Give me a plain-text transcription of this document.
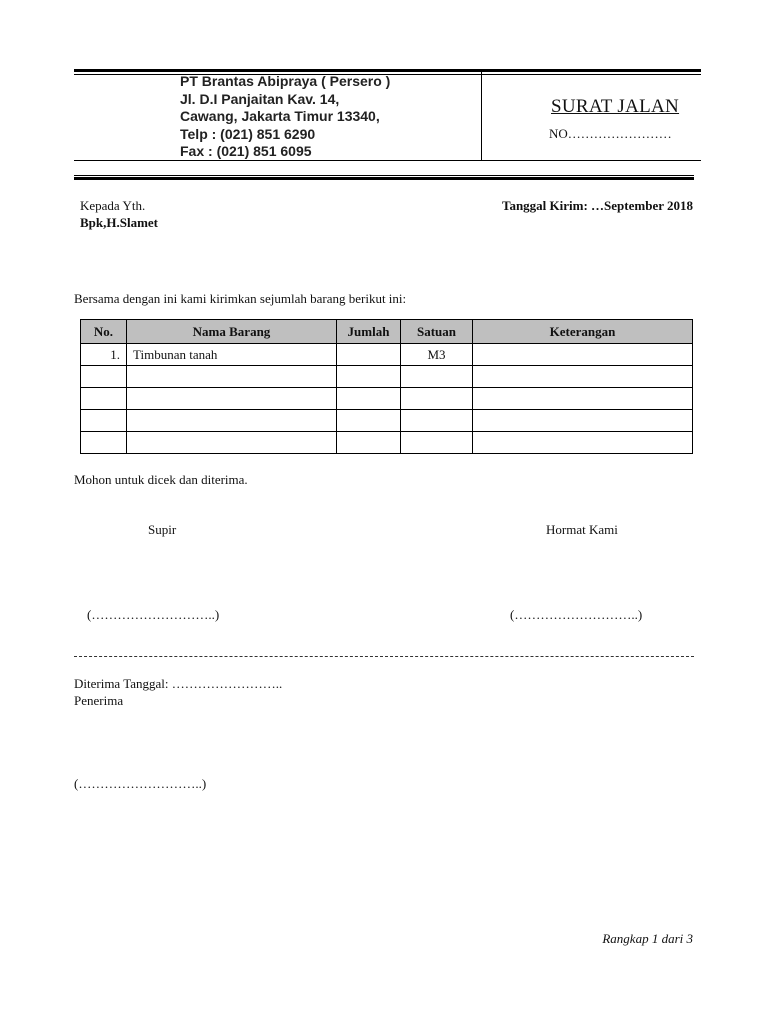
PT Brantas Abipraya ( Persero )
Jl. D.I Panjaitan Kav. 14,
Cawang, Jakarta Timur 13340,
Telp : (021) 851 6290
Fax : (021) 851 6095
SURAT JALAN
NO……………………
Kepada Yth.
Bpk,H.Slamet
Tanggal Kirim: …September 2018
Bersama dengan ini kami kirimkan sejumlah barang berikut ini:
No.	Nama Barang	Jumlah	Satuan	Keterangan
1.	Timbunan tanah		M3	

Mohon untuk dicek dan diterima.
Supir	Hormat Kami
(………………………..)	(………………………..)
Diterima Tanggal: ……………………..
Penerima
(………………………..)
Rangkap 1 dari 3
